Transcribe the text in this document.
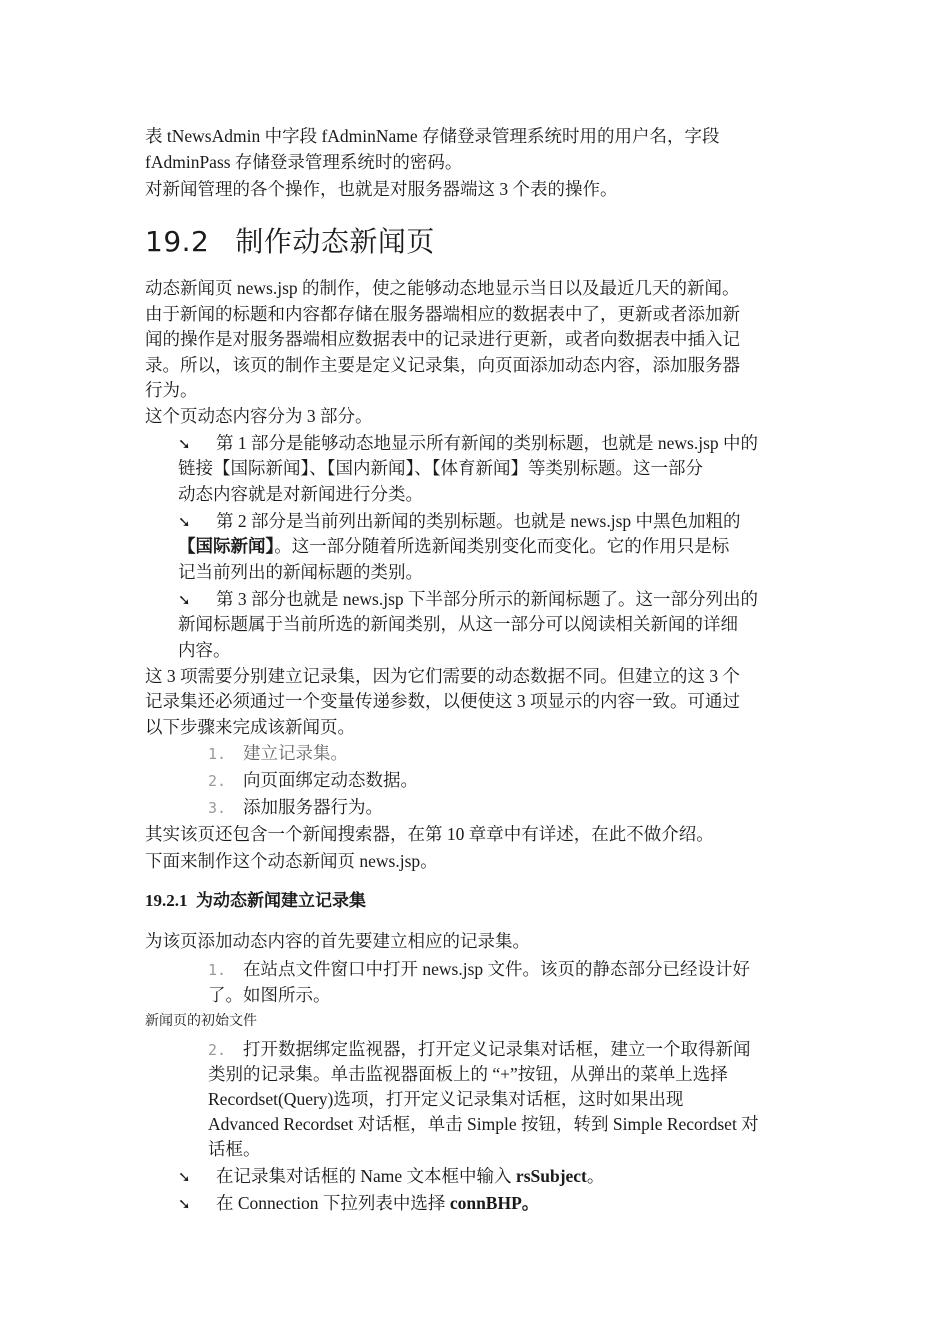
表 tNewsAdmin 中字段 fAdminName 存储登录管理系统时用的用户名，字段
fAdminPass 存储登录管理系统时的密码。
对新闻管理的各个操作，也就是对服务器端这 3 个表的操作。
19.2 制作动态新闻页
动态新闻页 news.jsp 的制作，使之能够动态地显示当日以及最近几天的新闻。
由于新闻的标题和内容都存储在服务器端相应的数据表中了，更新或者添加新
闻的操作是对服务器端相应数据表中的记录进行更新，或者向数据表中插入记
录。所以，该页的制作主要是定义记录集，向页面添加动态内容，添加服务器
行为。
这个页动态内容分为 3 部分。
➘ 第 1 部分是能够动态地显示所有新闻的类别标题，也就是 news.jsp 中的
链接【国际新闻】、【国内新闻】、【体育新闻】等类别标题。这一部分
动态内容就是对新闻进行分类。
➘ 第 2 部分是当前列出新闻的类别标题。也就是 news.jsp 中黑色加粗的
【国际新闻】。这一部分随着所选新闻类别变化而变化。它的作用只是标
记当前列出的新闻标题的类别。
➘ 第 3 部分也就是 news.jsp 下半部分所示的新闻标题了。这一部分列出的
新闻标题属于当前所选的新闻类别，从这一部分可以阅读相关新闻的详细
内容。
这 3 项需要分别建立记录集，因为它们需要的动态数据不同。但建立的这 3 个
记录集还必须通过一个变量传递参数，以便使这 3 项显示的内容一致。可通过
以下步骤来完成该新闻页。
1. 建立记录集。
2. 向页面绑定动态数据。
3. 添加服务器行为。
其实该页还包含一个新闻搜索器，在第 10 章章中有详述，在此不做介绍。
下面来制作这个动态新闻页 news.jsp。
19.2.1 为动态新闻建立记录集
为该页添加动态内容的首先要建立相应的记录集。
1. 在站点文件窗口中打开 news.jsp 文件。该页的静态部分已经设计好
了。如图所示。
新闻页的初始文件
2. 打开数据绑定监视器，打开定义记录集对话框，建立一个取得新闻
类别的记录集。单击监视器面板上的 “+”按钮，从弹出的菜单上选择
Recordset(Query)选项，打开定义记录集对话框，这时如果出现
Advanced Recordset 对话框，单击 Simple 按钮，转到 Simple Recordset 对
话框。
➘ 在记录集对话框的 Name 文本框中输入 rsSubject。
➘ 在 Connection 下拉列表中选择 connBHP。
